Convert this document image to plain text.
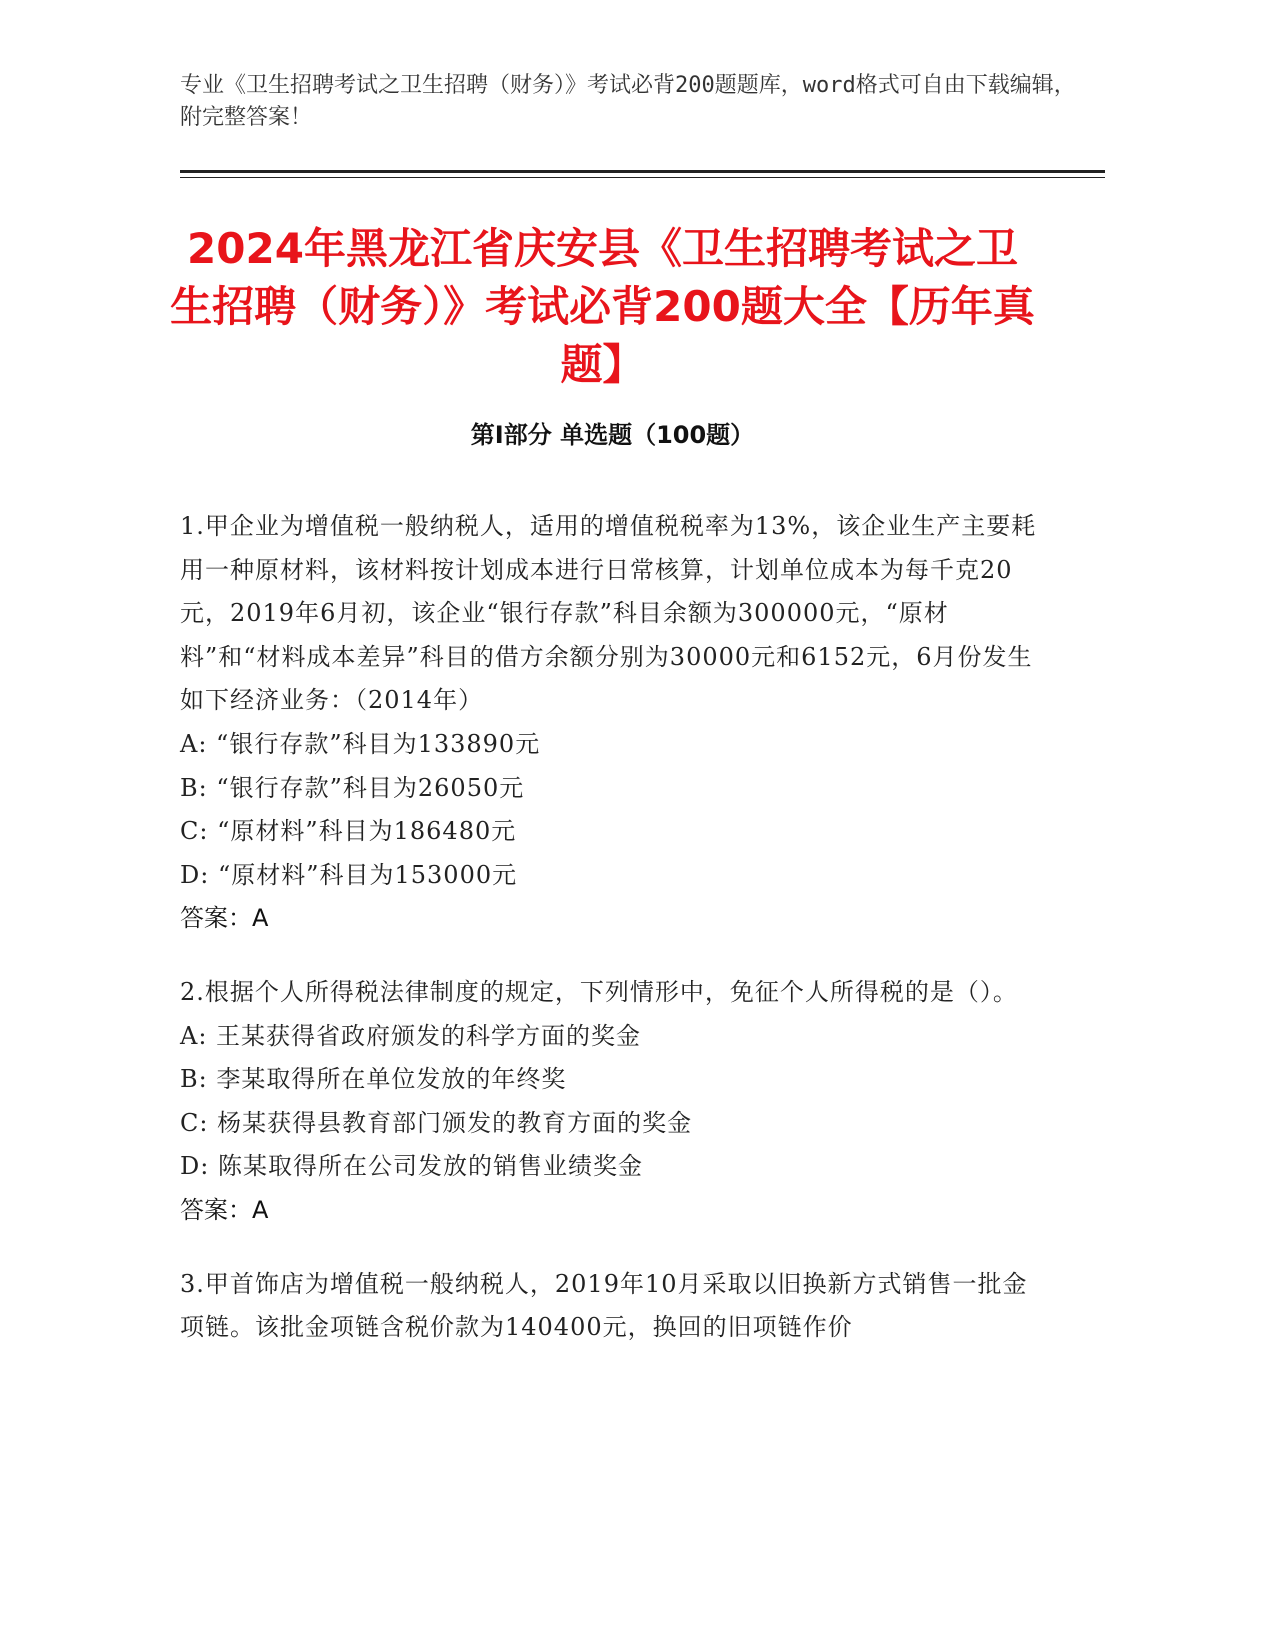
专业《卫生招聘考试之卫生招聘（财务）》考试必背200题题库，word格式可自由下载编辑，附完整答案！

2024年黑龙江省庆安县《卫生招聘考试之卫生招聘（财务）》考试必背200题大全【历年真题】
第I部分 单选题（100题）

1.甲企业为增值税一般纳税人，适用的增值税税率为13%，该企业生产主要耗用一种原材料，该材料按计划成本进行日常核算，计划单位成本为每千克20元，2019年6月初，该企业“银行存款”科目余额为300000元，“原材料”和“材料成本差异”科目的借方余额分别为30000元和6152元，6月份发生如下经济业务：（2014年）

A: “银行存款”科目为133890元

B: “银行存款”科目为26050元

C: “原材料”科目为186480元

D: “原材料”科目为153000元

答案：A

2.根据个人所得税法律制度的规定，下列情形中，免征个人所得税的是（）。

A: 王某获得省政府颁发的科学方面的奖金

B: 李某取得所在单位发放的年终奖

C: 杨某获得县教育部门颁发的教育方面的奖金

D: 陈某取得所在公司发放的销售业绩奖金

答案：A

3.甲首饰店为增值税一般纳税人，2019年10月采取以旧换新方式销售一批金项链。该批金项链含税价款为140400元，换回的旧项链作价
